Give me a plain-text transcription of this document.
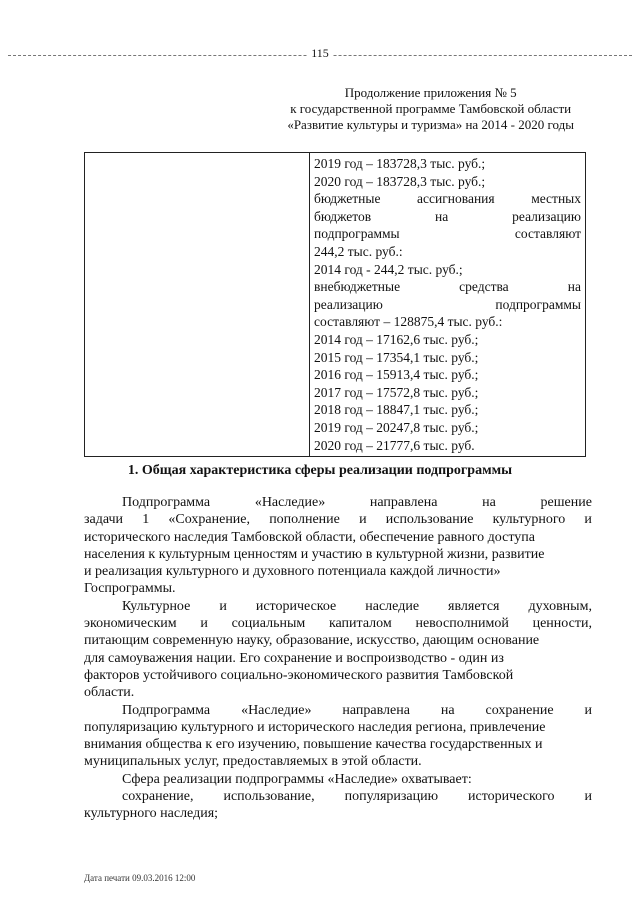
115
Продолжение приложения № 5
к государственной программе Тамбовской области
«Развитие культуры и туризма» на 2014 - 2020 годы

2019 год – 183728,3 тыс. руб.;
2020 год – 183728,3 тыс. руб.;
бюджетные	ассигнования	местных
бюджетов	на	реализацию
подпрограммы	составляют
244,2 тыс. руб.:
2014 год - 244,2 тыс. руб.;
внебюджетные	средства	на
реализацию	подпрограммы
составляют – 128875,4 тыс. руб.:
2014 год – 17162,6 тыс. руб.;
2015 год – 17354,1 тыс. руб.;
2016 год – 15913,4 тыс. руб.;
2017 год – 17572,8 тыс. руб.;
2018 год – 18847,1 тыс. руб.;
2019 год – 20247,8 тыс. руб.;
2020 год – 21777,6 тыс. руб.
1. Общая характеристика сферы реализации подпрограммы
Подпрограмма	«Наследие»	направлена	на	решение
задачи 1 «Сохранение, пополнение и использование культурного и
исторического наследия Тамбовской области, обеспечение равного доступа
населения к культурным ценностям и участию в культурной жизни, развитие
и реализация культурного и духовного потенциала каждой личности»
Госпрограммы.
Культурное и историческое наследие является духовным,
экономическим и социальным капиталом невосполнимой ценности,
питающим современную науку, образование, искусство, дающим основание
для самоуважения нации. Его сохранение и воспроизводство - один из
факторов устойчивого социально-экономического развития Тамбовской
области.
Подпрограмма «Наследие» направлена на сохранение и
популяризацию культурного и исторического наследия региона, привлечение
внимания общества к его изучению, повышение качества государственных и
муниципальных услуг, предоставляемых в этой области.
Сфера реализации подпрограммы «Наследие» охватывает:
сохранение, использование, популяризацию исторического и
культурного наследия;
Дата печати 09.03.2016 12:00
